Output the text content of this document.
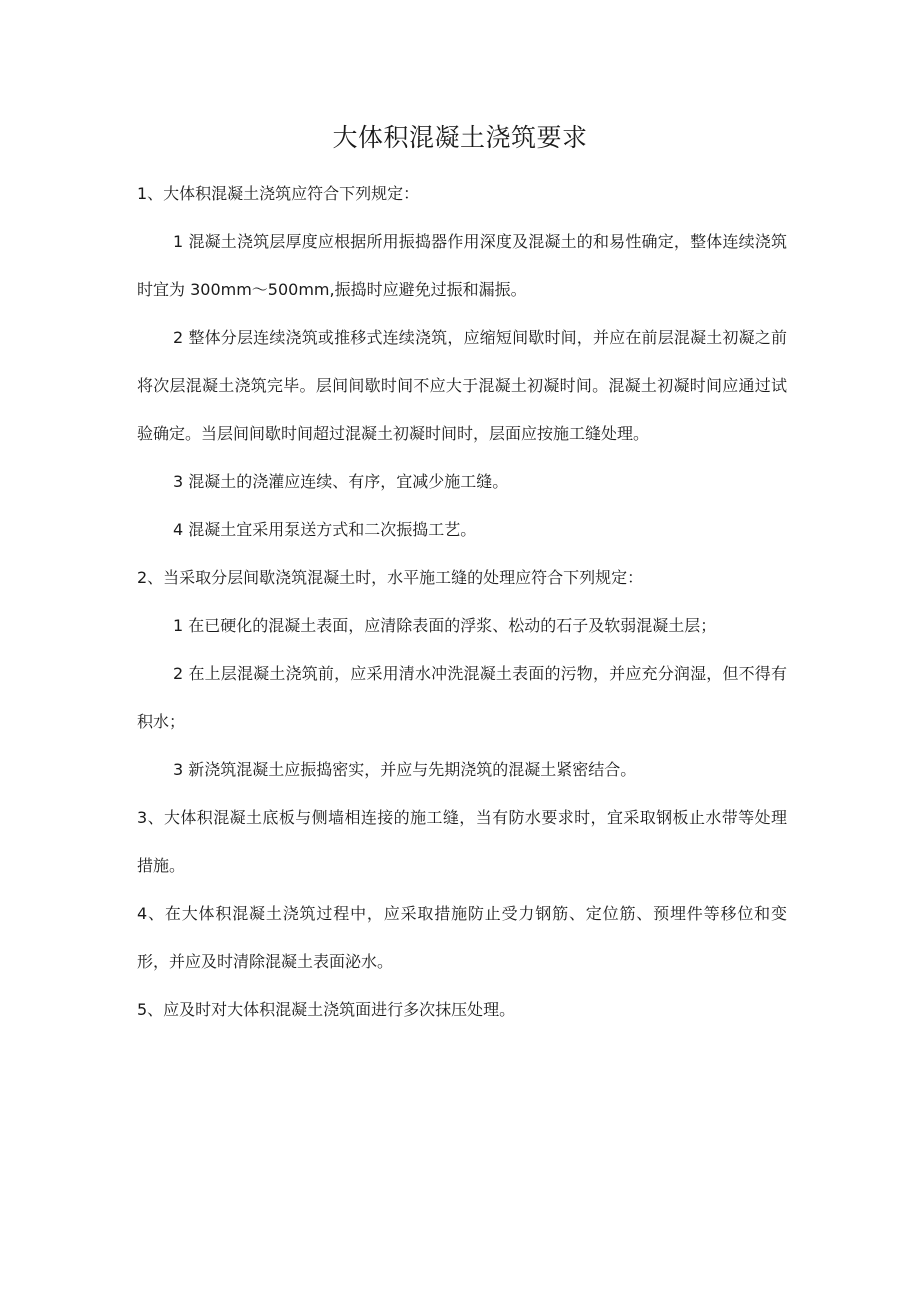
大体积混凝土浇筑要求

1、大体积混凝土浇筑应符合下列规定：

1 混凝土浇筑层厚度应根据所用振捣器作用深度及混凝土的和易性确定，整体连续浇筑时宜为 300mm～500mm,振捣时应避免过振和漏振。

2 整体分层连续浇筑或推移式连续浇筑，应缩短间歇时间，并应在前层混凝土初凝之前将次层混凝土浇筑完毕。层间间歇时间不应大于混凝土初凝时间。混凝土初凝时间应通过试验确定。当层间间歇时间超过混凝土初凝时间时，层面应按施工缝处理。

3 混凝土的浇灌应连续、有序，宜减少施工缝。

4 混凝土宜采用泵送方式和二次振捣工艺。

2、当采取分层间歇浇筑混凝土时，水平施工缝的处理应符合下列规定：

1 在已硬化的混凝土表面，应清除表面的浮浆、松动的石子及软弱混凝土层；

2 在上层混凝土浇筑前，应采用清水冲洗混凝土表面的污物，并应充分润湿，但不得有积水；

3 新浇筑混凝土应振捣密实，并应与先期浇筑的混凝土紧密结合。

3、大体积混凝土底板与侧墙相连接的施工缝，当有防水要求时，宜采取钢板止水带等处理措施。

4、在大体积混凝土浇筑过程中，应采取措施防止受力钢筋、定位筋、预埋件等移位和变形，并应及时清除混凝土表面泌水。

5、应及时对大体积混凝土浇筑面进行多次抹压处理。
